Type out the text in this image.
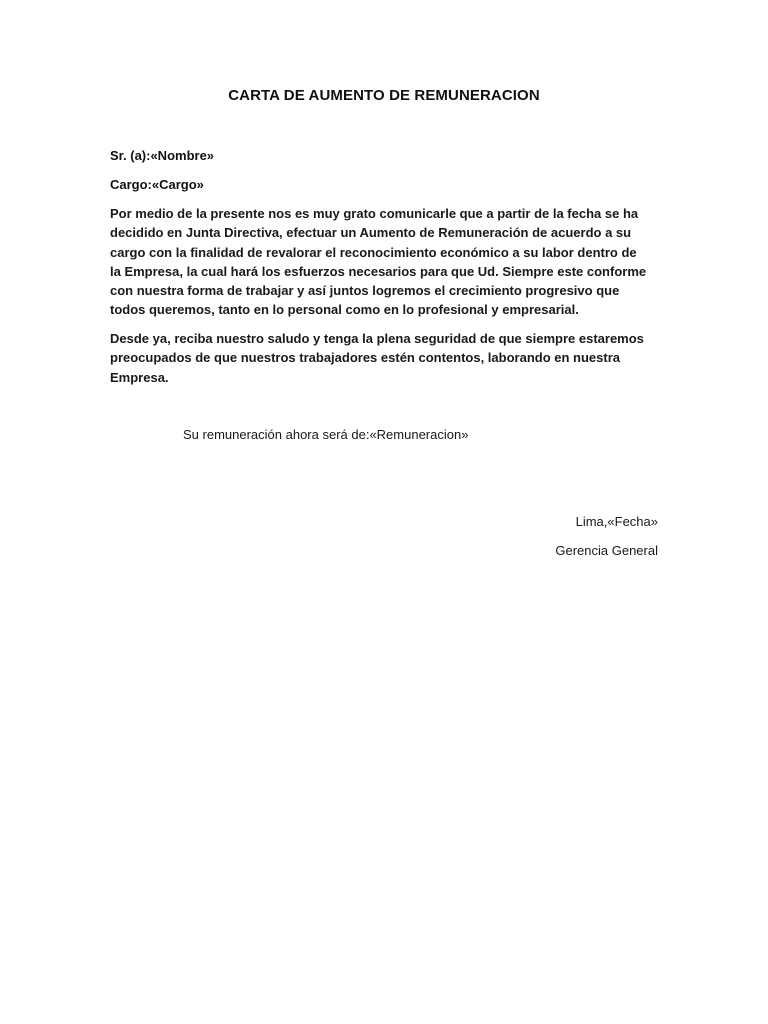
CARTA DE AUMENTO DE REMUNERACION
Sr. (a):«Nombre»
Cargo:«Cargo»
Por medio de la presente nos es muy grato comunicarle que a partir de la fecha se ha
decidido en Junta Directiva, efectuar un Aumento de Remuneración de acuerdo a su
cargo con la finalidad de revalorar el reconocimiento económico a su labor dentro de
la Empresa, la cual hará los esfuerzos necesarios para que Ud. Siempre este conforme
con nuestra forma de trabajar y así juntos logremos el crecimiento progresivo que
todos queremos, tanto en lo personal como en lo profesional y empresarial.
Desde ya, reciba nuestro saludo y tenga la plena seguridad de que siempre estaremos
preocupados de que nuestros trabajadores estén contentos, laborando en nuestra
Empresa.
Su remuneración ahora será de:«Remuneracion»
Lima,«Fecha»
Gerencia General
